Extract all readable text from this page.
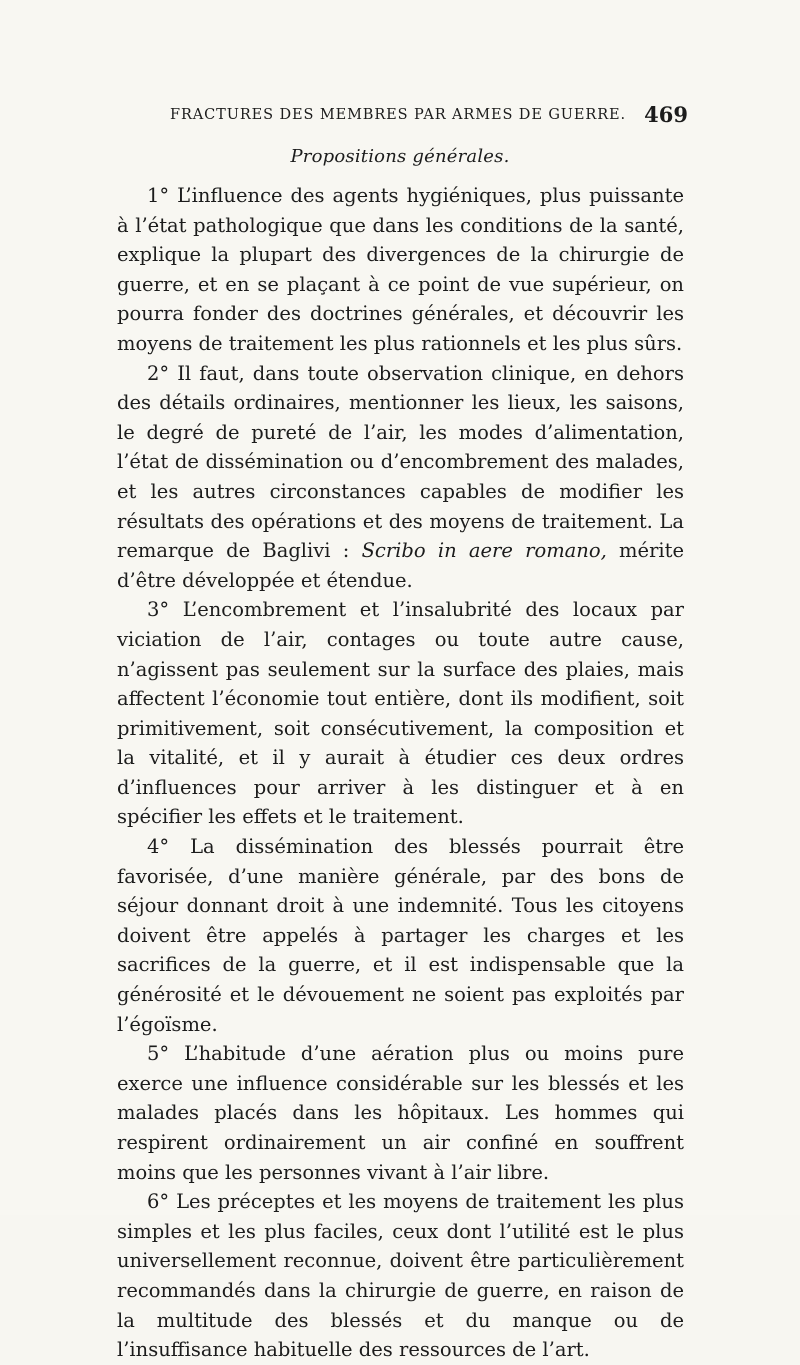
FRACTURES DES MEMBRES PAR ARMES DE GUERRE. 469
Propositions générales.

1° L’influence des agents hygiéniques, plus puissante à l’état pathologique que dans les conditions de la santé, explique la plupart des divergences de la chirurgie de guerre, et en se plaçant à ce point de vue supérieur, on pourra fonder des doctrines générales, et découvrir les moyens de traitement les plus rationnels et les plus sûrs.

2° Il faut, dans toute observation clinique, en dehors des détails ordinaires, mentionner les lieux, les saisons, le degré de pureté de l’air, les modes d’alimentation, l’état de dissémination ou d’encombrement des malades, et les autres circonstances capables de modifier les résultats des opérations et des moyens de traitement. La remarque de Baglivi : Scribo in aere romano, mérite d’être développée et étendue.

3° L’encombrement et l’insalubrité des locaux par viciation de l’air, contages ou toute autre cause, n’agissent pas seulement sur la surface des plaies, mais affectent l’économie tout entière, dont ils modifient, soit primitivement, soit consécutivement, la composition et la vitalité, et il y aurait à étudier ces deux ordres d’influences pour arriver à les distinguer et à en spécifier les effets et le traitement.

4° La dissémination des blessés pourrait être favorisée, d’une manière générale, par des bons de séjour donnant droit à une indemnité. Tous les citoyens doivent être appelés à partager les charges et les sacrifices de la guerre, et il est indispensable que la générosité et le dévouement ne soient pas exploités par l’égoïsme.

5° L’habitude d’une aération plus ou moins pure exerce une influence considérable sur les blessés et les malades placés dans les hôpitaux. Les hommes qui respirent ordinairement un air confiné en souffrent moins que les personnes vivant à l’air libre.

6° Les préceptes et les moyens de traitement les plus simples et les plus faciles, ceux dont l’utilité est le plus universellement reconnue, doivent être particulièrement recommandés dans la chirurgie de guerre, en raison de la multitude des blessés et du manque ou de l’insuffisance habituelle des ressources de l’art.
